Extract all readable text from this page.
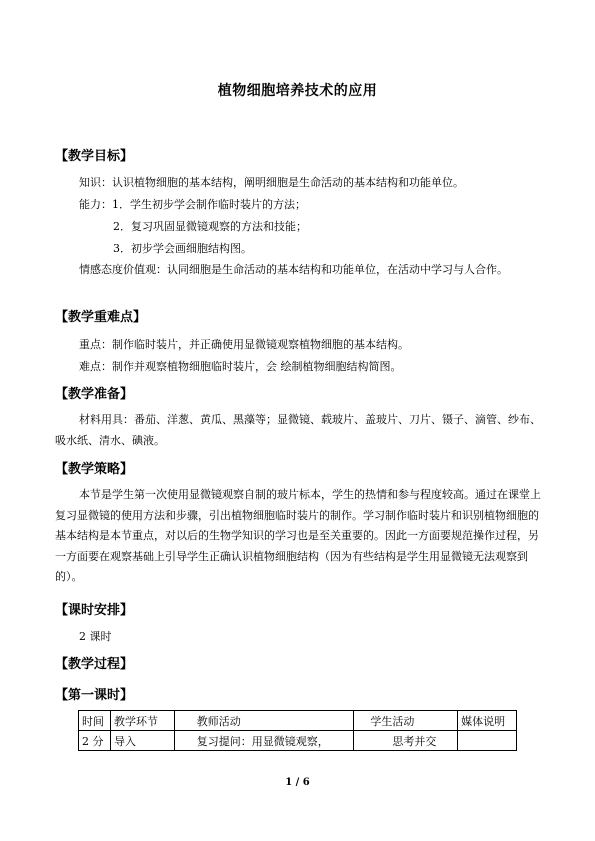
植物细胞培养技术的应用
【教学目标】
知识：认识植物细胞的基本结构，阐明细胞是生命活动的基本结构和功能单位。
能力：1．学生初步学会制作临时装片的方法；
2．复习巩固显微镜观察的方法和技能；
3．初步学会画细胞结构图。

情感态度价值观：认同细胞是生命活动的基本结构和功能单位，在活动中学习与人合作。

【教学重难点】
重点：制作临时装片，并正确使用显微镜观察植物细胞的基本结构。
难点：制作并观察植物细胞临时装片，会 绘制植物细胞结构简图。
【教学准备】

材料用具：番茄、洋葱、黄瓜、黑藻等；显微镜、载玻片、盖玻片、刀片、镊子、滴管、纱布、吸水纸、清水、碘液。

【教学策略】

本节是学生第一次使用显微镜观察自制的玻片标本，学生的热情和参与程度较高。通过在课堂上复习显微镜的使用方法和步骤，引出植物细胞临时装片的制作。学习制作临时装片和识别植物细胞的基本结构是本节重点，对以后的生物学知识的学习也是至关重要的。因此一方面要规范操作过程，另一方面要在观察基础上引导学生正确认识植物细胞结构（因为有些结构是学生用显微镜无法观察到的）。

【课时安排】
2 课时
【教学过程】
【第一课时】
时间	教学环节	教师活动	学生活动	媒体说明
2 分	导入	复习提问：用显微镜观察，	思考并交	
1 / 6
